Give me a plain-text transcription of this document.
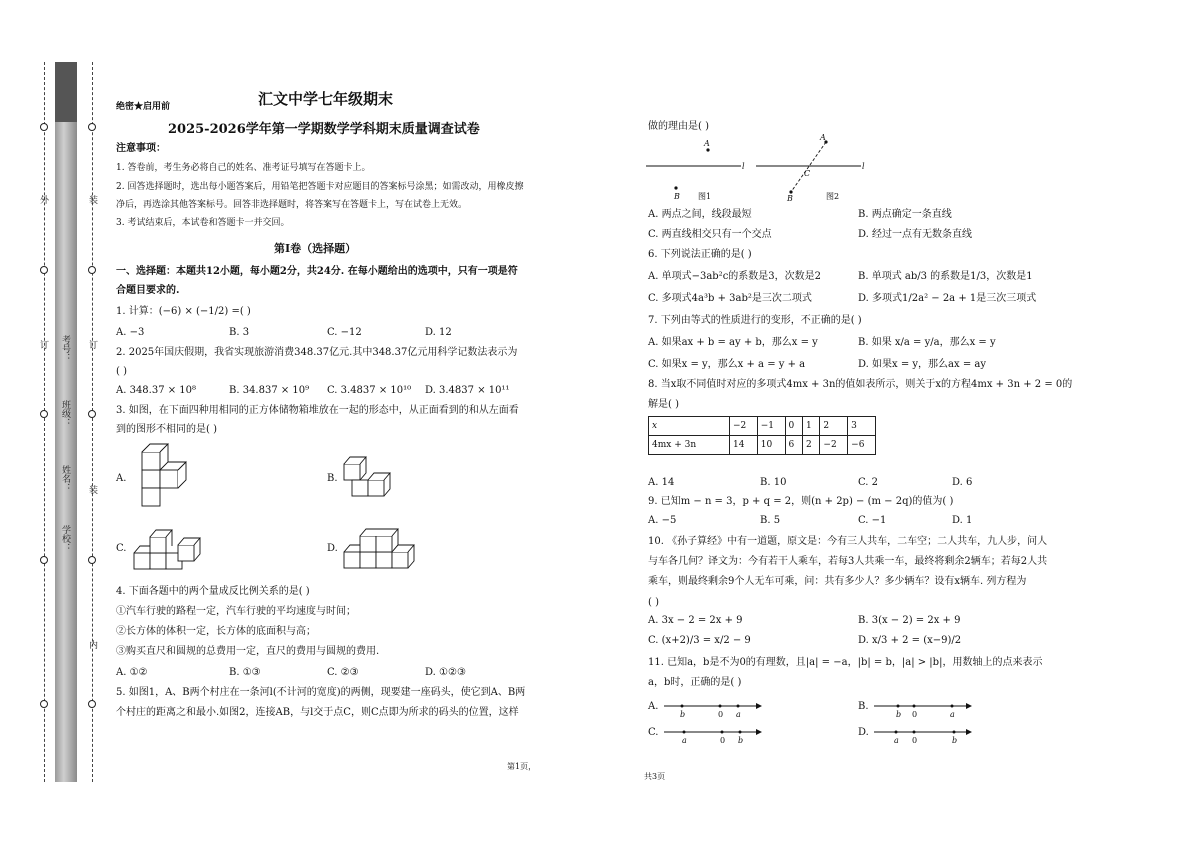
学校：
姓名：
班级：
考号：
外
订
装
订
装
内
汇文中学七年级期末
绝密★启用前
2025-2026学年第一学期数学学科期末质量调查试卷
注意事项：
1. 答卷前，考生务必将自己的姓名、准考证号填写在答题卡上。
2. 回答选择题时，选出每小题答案后，用铅笔把答题卡对应题目的答案标号涂黑；如需改动，用橡皮擦
净后，再选涂其他答案标号。回答非选择题时，将答案写在答题卡上，写在试卷上无效。
3. 考试结束后，本试卷和答题卡一并交回。
第Ⅰ卷（选择题）
一、选择题：本题共12小题，每小题2分，共24分. 在每小题给出的选项中，只有一项是符
合题目要求的.
1. 计算：(−6) × (−1/2) =( )
A. −3	B. 3	C. −12	D. 12
2. 2025年国庆假期，我省实现旅游消费348.37亿元.其中348.37亿元用科学记数法表示为
( )
A. 348.37 × 10⁸	B. 34.837 × 10⁹ C. 3.4837 × 10¹⁰ D. 3.4837 × 10¹¹
3. 如图，在下面四种用相同的正方体储物箱堆放在一起的形态中，从正面看到的和从左面看
到的图形不相同的是( )
A.	B.
C.	D.
4. 下面各题中的两个量成反比例关系的是( )
①汽车行驶的路程一定，汽车行驶的平均速度与时间；
②长方体的体积一定，长方体的底面积与高；
③购买直尺和圆规的总费用一定，直尺的费用与圆规的费用.
A. ①②	B. ①③	C. ②③	D. ①②③
5. 如图1，A、B两个村庄在一条河l(不计河的宽度)的两侧，现要建一座码头，使它到A、B两
个村庄的距离之和最小.如图2，连接AB，与l交于点C，则C点即为所求的码头的位置，这样
第1页，
做的理由是( )
A
l
B
A
l
C
B
图1	图2
A. 两点之间，线段最短	B. 两点确定一条直线
C. 两直线相交只有一个交点	D. 经过一点有无数条直线
6. 下列说法正确的是( )
A. 单项式−3ab²c的系数是3，次数是2	B. 单项式 ab/3 的系数是1/3，次数是1
C. 多项式4a³b + 3ab²是三次二项式	D. 多项式1/2a² − 2a + 1是三次三项式
7. 下列由等式的性质进行的变形，不正确的是( )
A. 如果ax + b = ay + b，那么x = y	B. 如果 x/a = y/a，那么x = y
C. 如果x = y，那么x + a = y + a	D. 如果x = y，那么ax = ay
8. 当x取不同值时对应的多项式4mx + 3n的值如表所示，则关于x的方程4mx + 3n + 2 = 0的
解是( )
x	−2	−1	0	1	2	3
4mx + 3n	14	10	6	2	−2	−6
A. 14	B. 10	C. 2	D. 6
9. 已知m − n = 3，p + q = 2，则(n + 2p) − (m − 2q)的值为( )
A. −5	B. 5	C. −1	D. 1
10. 《孙子算经》中有一道题，原文是：今有三人共车，二车空；二人共车，九人步，问人
与车各几何？译文为：今有若干人乘车，若每3人共乘一车，最终将剩余2辆车；若每2人共
乘车，则最终剩余9个人无车可乘，问：共有多少人？多少辆车？设有x辆车. 列方程为
( )
A. 3x − 2 = 2x + 9	B. 3(x − 2) = 2x + 9
C. (x+2)/3 = x/2 − 9	D. x/3 + 2 = (x−9)/2
11. 已知a，b是不为0的有理数，且|a| = −a，|b| = b，|a| > |b|，用数轴上的点来表示
a，b时，正确的是( )
A.
b	0 a
B.
b 0	a
C.
a	0 b
D.
a 0	b
共3页
